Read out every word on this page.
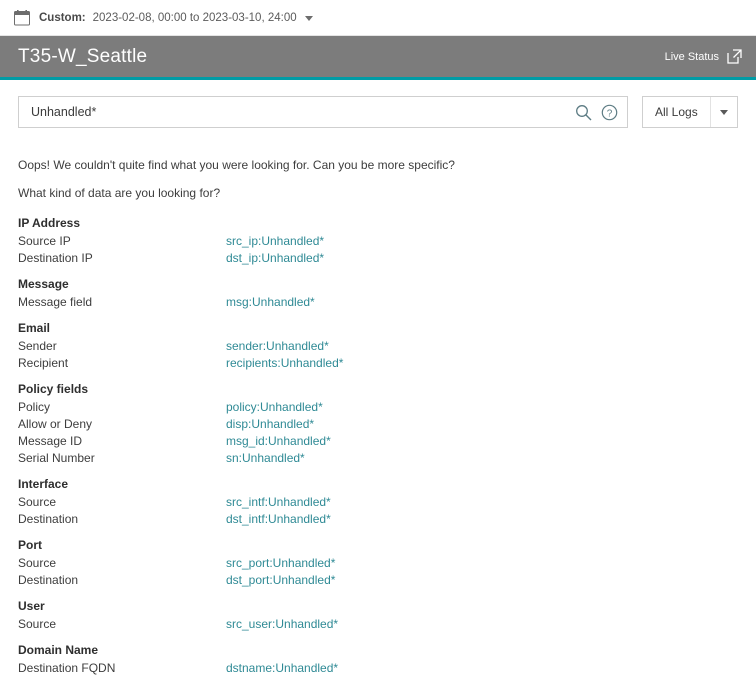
Custom: 2023-02-08, 00:00 to 2023-03-10, 24:00
T35-W_Seattle	Live Status
Unhandled*
?	All Logs
Oops! We couldn't quite find what you were looking for. Can you be more specific?
What kind of data are you looking for?
IP Address
Source IP	src_ip:Unhandled*
Destination IP	dst_ip:Unhandled*
Message
Message field	msg:Unhandled*
Email
Sender	sender:Unhandled*
Recipient	recipients:Unhandled*
Policy fields
Policy	policy:Unhandled*
Allow or Deny	disp:Unhandled*
Message ID	msg_id:Unhandled*
Serial Number	sn:Unhandled*
Interface
Source	src_intf:Unhandled*
Destination	dst_intf:Unhandled*
Port
Source	src_port:Unhandled*
Destination	dst_port:Unhandled*
User
Source	src_user:Unhandled*
Domain Name
Destination FQDN	dstname:Unhandled*
